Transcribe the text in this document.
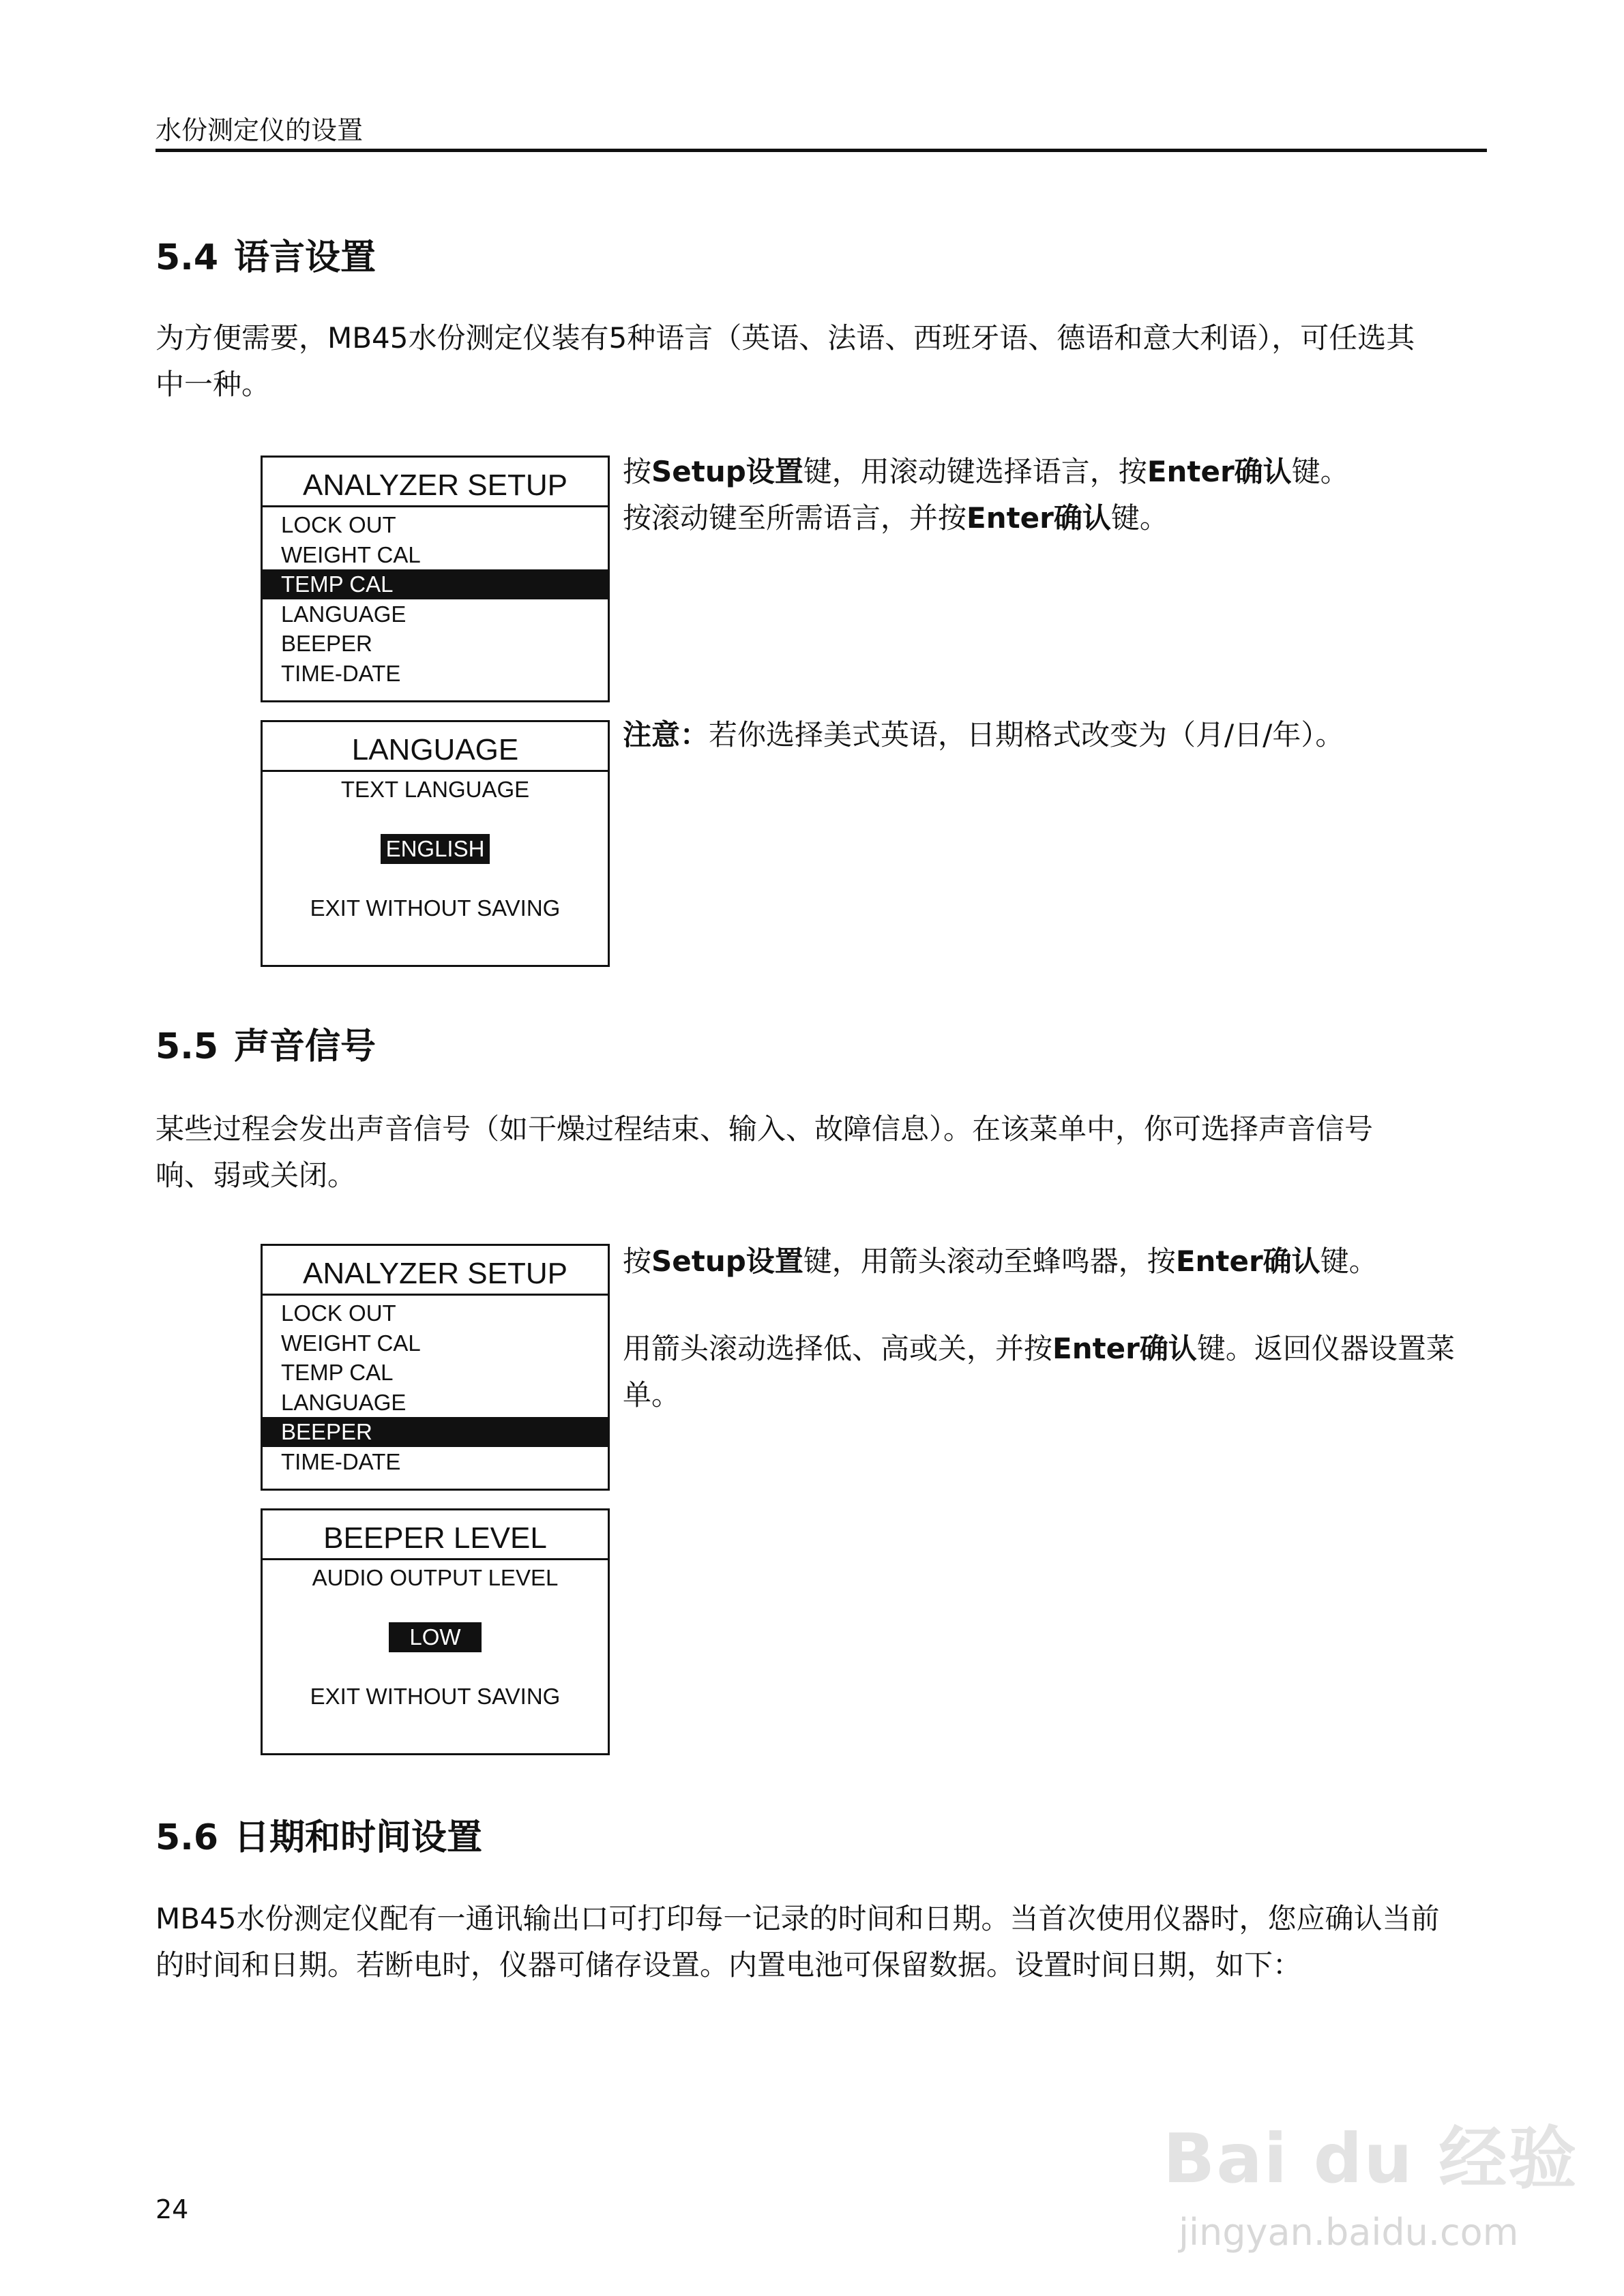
水份测定仪的设置
5.4 语言设置
为方便需要，MB45水份测定仪装有5种语言（英语、法语、西班牙语、德语和意大利语），可任选其
中一种。
ANALYZER SETUP
LOCK OUT
WEIGHT CAL
TEMP CAL
LANGUAGE
BEEPER
TIME-DATE
按Setup设置键，用滚动键选择语言，按Enter确认键。
按滚动键至所需语言，并按Enter确认键。
LANGUAGE
TEXT LANGUAGE
ENGLISH
EXIT WITHOUT SAVING
注意：若你选择美式英语，日期格式改变为（月/日/年）。
5.5 声音信号
某些过程会发出声音信号（如干燥过程结束、输入、故障信息）。在该菜单中，你可选择声音信号
响、弱或关闭。
ANALYZER SETUP
LOCK OUT
WEIGHT CAL
TEMP CAL
LANGUAGE
BEEPER
TIME-DATE
按Setup设置键，用箭头滚动至蜂鸣器，按Enter确认键。
用箭头滚动选择低、高或关，并按Enter确认键。返回仪器设置菜
单。
BEEPER LEVEL
AUDIO OUTPUT LEVEL
LOW
EXIT WITHOUT SAVING
5.6 日期和时间设置
MB45水份测定仪配有一通讯输出口可打印每一记录的时间和日期。当首次使用仪器时，您应确认当前
的时间和日期。若断电时，仪器可储存设置。内置电池可保留数据。设置时间日期，如下：
24
Bai du 经验
jingyan.baidu.com
